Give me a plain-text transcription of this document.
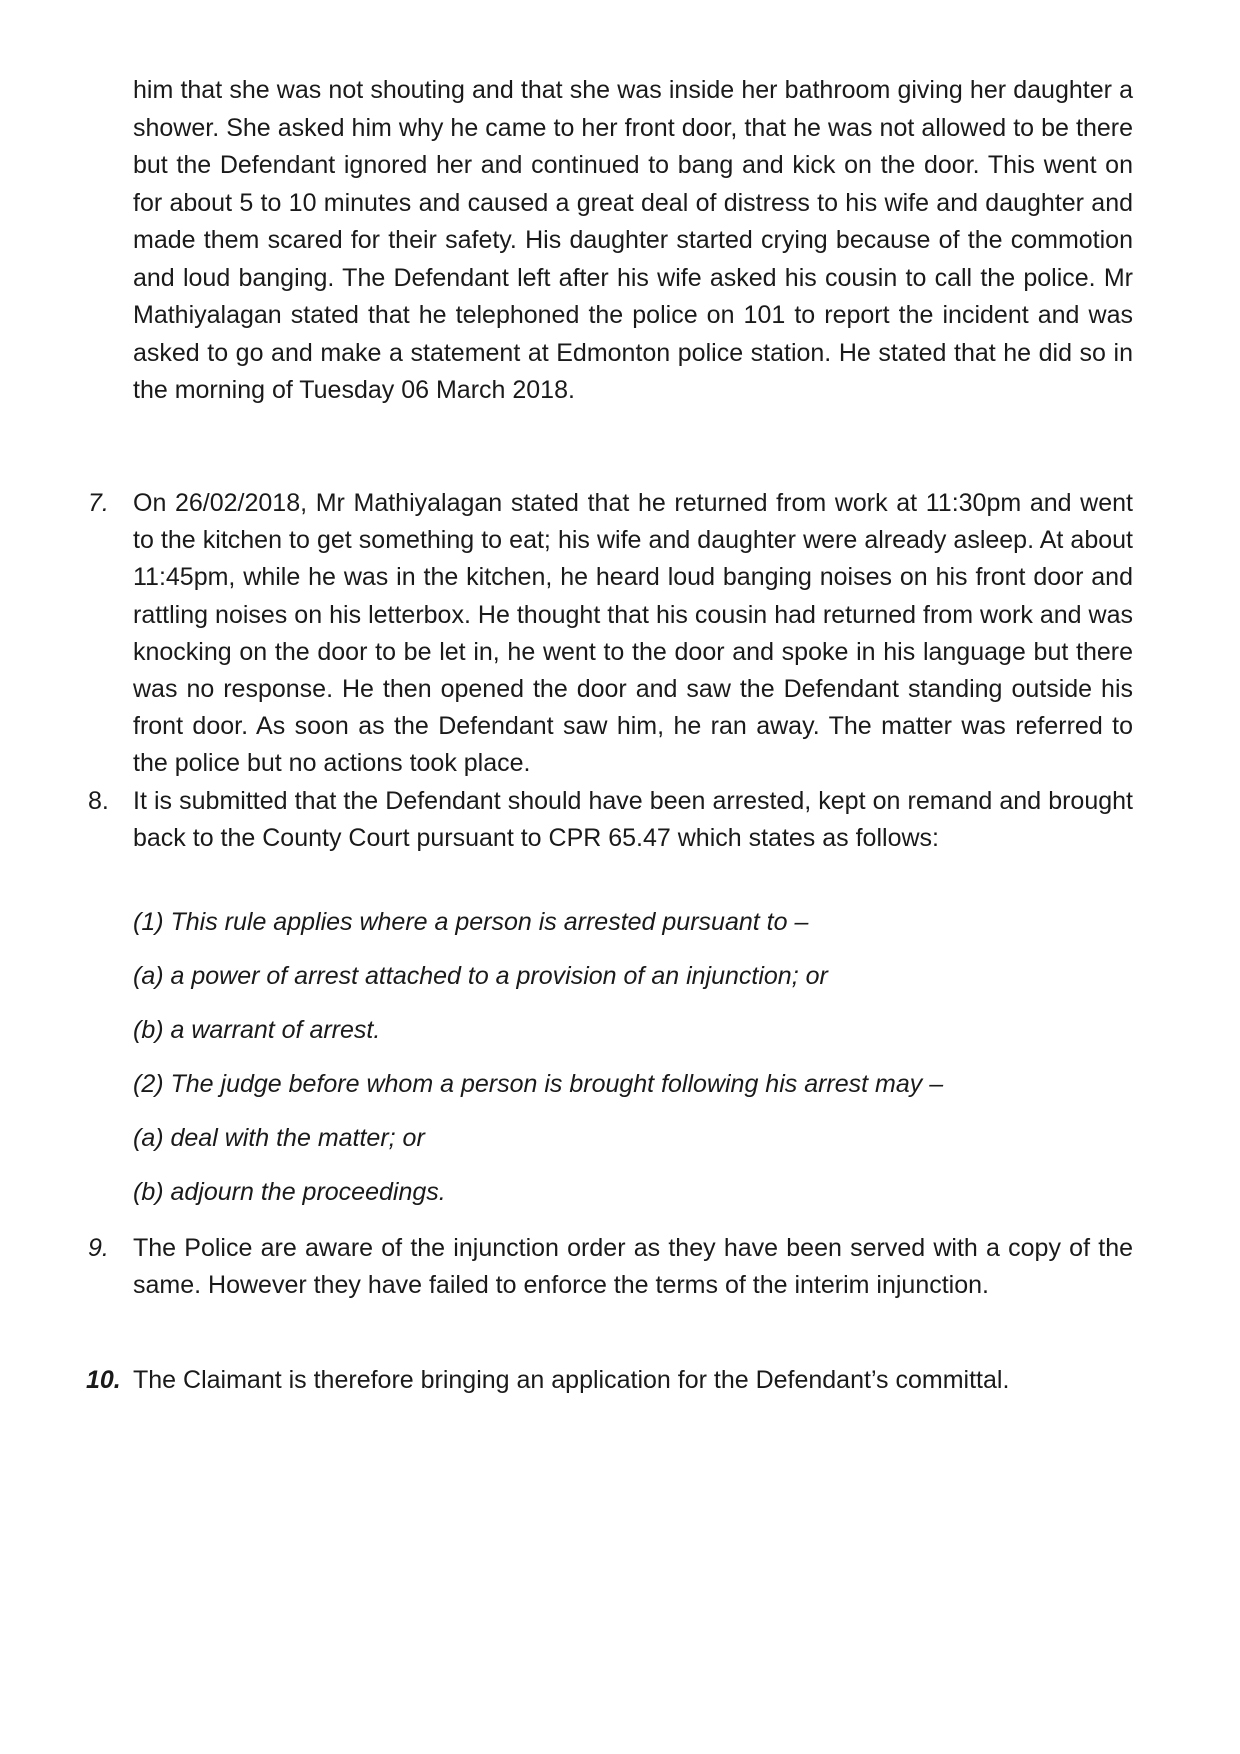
him that she was not shouting and that she was inside her bathroom giving her daughter a shower. She asked him why he came to her front door, that he was not allowed to be there but the Defendant ignored her and continued to bang and kick on the door. This went on for about 5 to 10 minutes and caused a great deal of distress to his wife and daughter and made them scared for their safety. His daughter started crying because of the commotion and loud banging. The Defendant left after his wife asked his cousin to call the police. Mr Mathiyalagan stated that he telephoned the police on 101 to report the incident and was asked to go and make a statement at Edmonton police station. He stated that he did so in the morning of Tuesday 06 March 2018.
7. On 26/02/2018, Mr Mathiyalagan stated that he returned from work at 11:30pm and went to the kitchen to get something to eat; his wife and daughter were already asleep. At about 11:45pm, while he was in the kitchen, he heard loud banging noises on his front door and rattling noises on his letterbox. He thought that his cousin had returned from work and was knocking on the door to be let in, he went to the door and spoke in his language but there was no response. He then opened the door and saw the Defendant standing outside his front door. As soon as the Defendant saw him, he ran away. The matter was referred to the police but no actions took place.
8. It is submitted that the Defendant should have been arrested, kept on remand and brought back to the County Court pursuant to CPR 65.47 which states as follows:
(1) This rule applies where a person is arrested pursuant to –
(a) a power of arrest attached to a provision of an injunction; or
(b) a warrant of arrest.
(2) The judge before whom a person is brought following his arrest may –
(a) deal with the matter; or
(b) adjourn the proceedings.
9. The Police are aware of the injunction order as they have been served with a copy of the same. However they have failed to enforce the terms of the interim injunction.
10. The Claimant is therefore bringing an application for the Defendant’s committal.
